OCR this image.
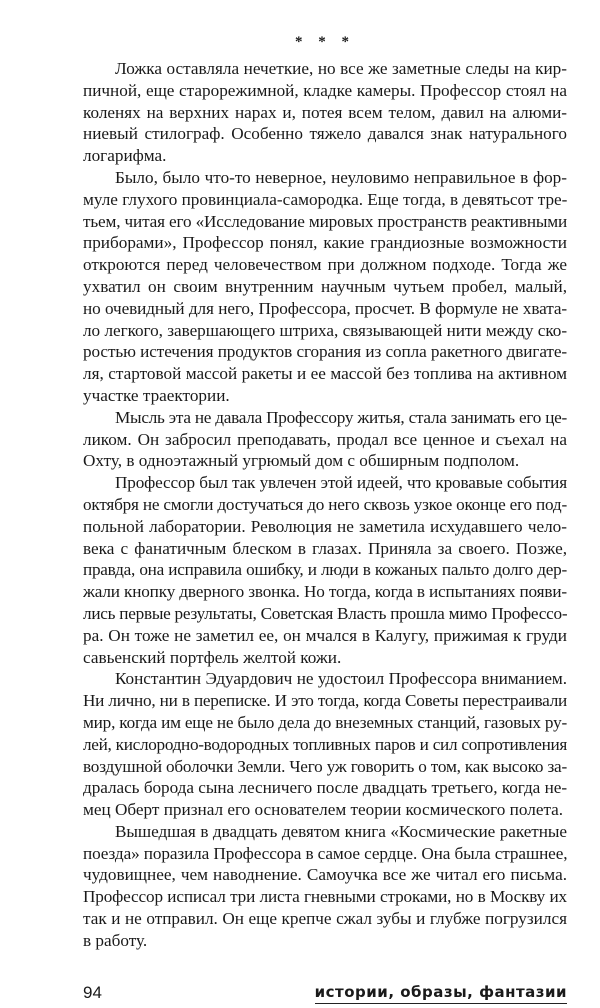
* * *
Ложка оставляла нечеткие, но все же заметные следы на кир-
пичной, еще старорежимной, кладке камеры. Профессор стоял на
коленях на верхних нарах и, потея всем телом, давил на алюми-
ниевый стилограф. Особенно тяжело давался знак натурального
логарифма.
Было, было что-то неверное, неуловимо неправильное в фор-
муле глухого провинциала-самородка. Еще тогда, в девятьсот тре-
тьем, читая его «Исследование мировых пространств реактивными
приборами», Профессор понял, какие грандиозные возможности
откроются перед человечеством при должном подходе. Тогда же
ухватил он своим внутренним научным чутьем пробел, малый,
но очевидный для него, Профессора, просчет. В формуле не хвата-
ло легкого, завершающего штриха, связывающей нити между ско-
ростью истечения продуктов сгорания из сопла ракетного двигате-
ля, стартовой массой ракеты и ее массой без топлива на активном
участке траектории.
Мысль эта не давала Профессору житья, стала занимать его це-
ликом. Он забросил преподавать, продал все ценное и съехал на
Охту, в одноэтажный угрюмый дом с обширным подполом.
Профессор был так увлечен этой идеей, что кровавые события
октября не смогли достучаться до него сквозь узкое оконце его под-
польной лаборатории. Революция не заметила исхудавшего чело-
века с фанатичным блеском в глазах. Приняла за своего. Позже,
правда, она исправила ошибку, и люди в кожаных пальто долго дер-
жали кнопку дверного звонка. Но тогда, когда в испытаниях появи-
лись первые результаты, Советская Власть прошла мимо Профессо-
ра. Он тоже не заметил ее, он мчался в Калугу, прижимая к груди
савьенский портфель желтой кожи.
Константин Эдуардович не удостоил Профессора вниманием.
Ни лично, ни в переписке. И это тогда, когда Советы перестраивали
мир, когда им еще не было дела до внеземных станций, газовых ру-
лей, кислородно-водородных топливных паров и сил сопротивления
воздушной оболочки Земли. Чего уж говорить о том, как высоко за-
дралась борода сына лесничего после двадцать третьего, когда не-
мец Оберт признал его основателем теории космического полета.
Вышедшая в двадцать девятом книга «Космические ракетные
поезда» поразила Профессора в самое сердце. Она была страшнее,
чудовищнее, чем наводнение. Самоучка все же читал его письма.
Профессор исписал три листа гневными строками, но в Москву их
так и не отправил. Он еще крепче сжал зубы и глубже погрузился
в работу.
94	истории, образы, фантазии
